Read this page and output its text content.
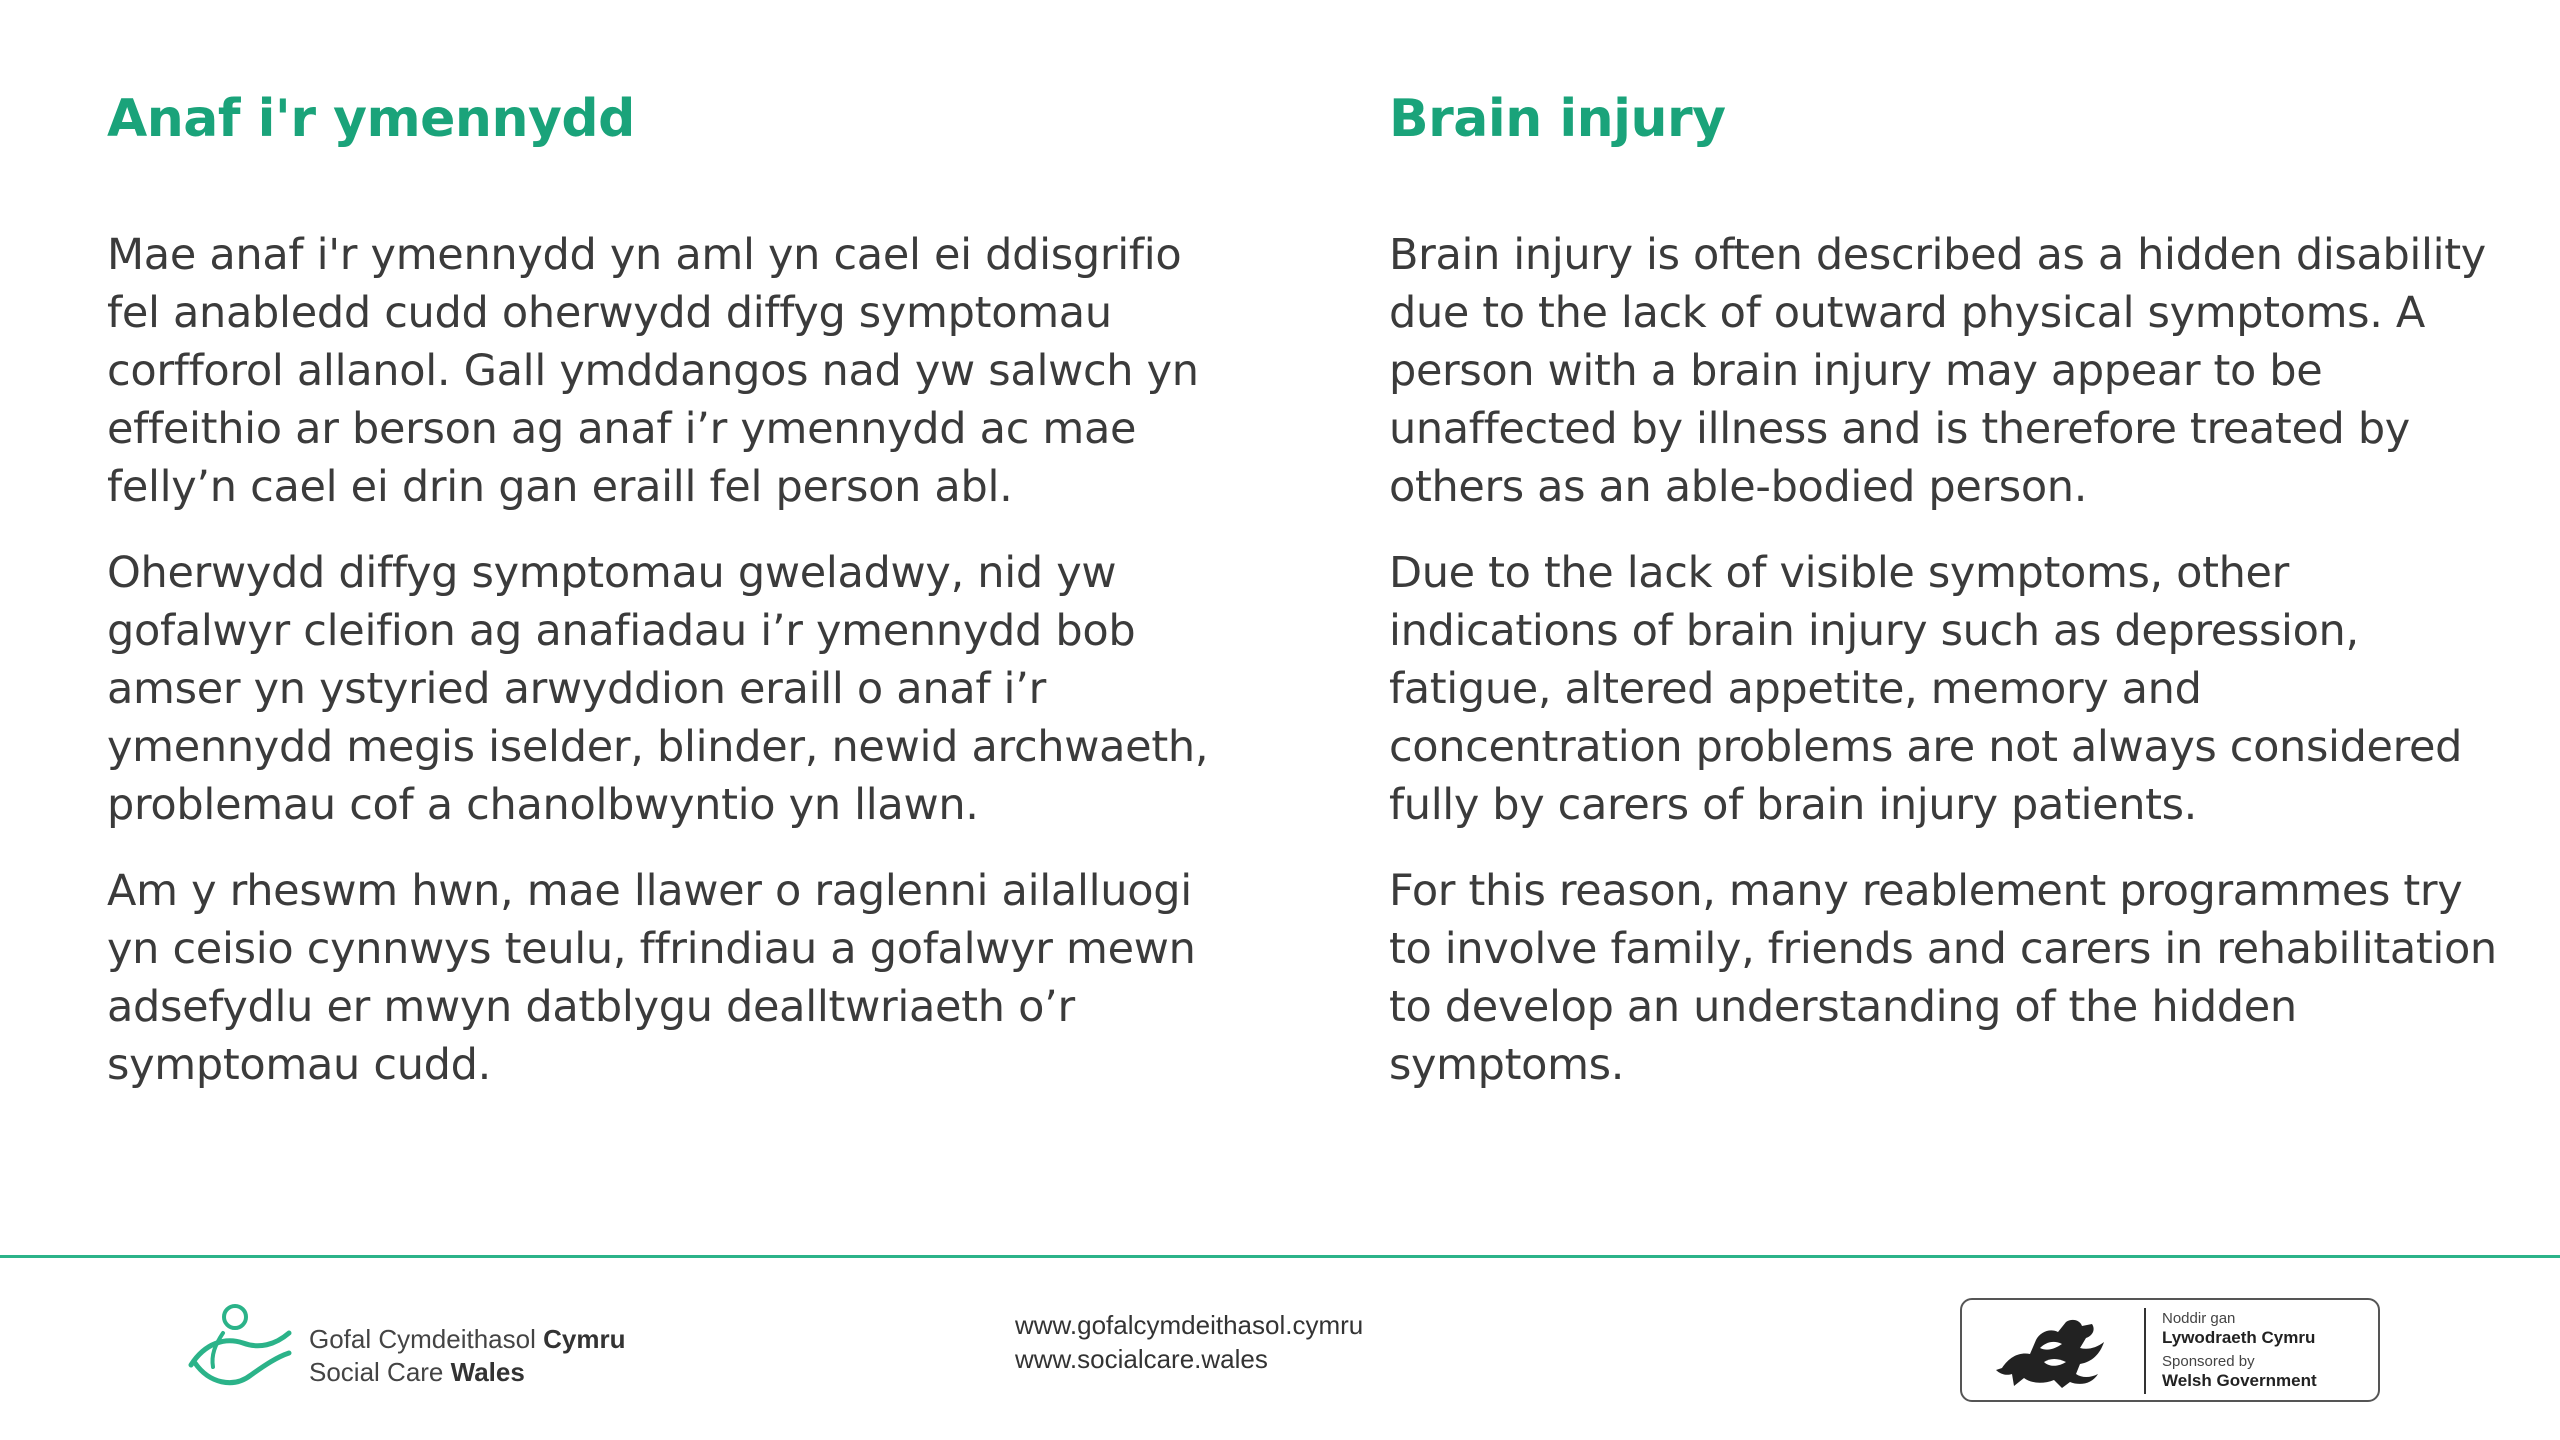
Anaf i'r ymennydd

Mae anaf i'r ymennydd yn aml yn cael ei ddisgrifio fel anabledd cudd oherwydd diffyg symptomau corfforol allanol. Gall ymddangos nad yw salwch yn effeithio ar berson ag anaf i’r ymennydd ac mae felly’n cael ei drin gan eraill fel person abl.

Oherwydd diffyg symptomau gweladwy, nid yw gofalwyr cleifion ag anafiadau i’r ymennydd bob amser yn ystyried arwyddion eraill o anaf i’r ymennydd megis iselder, blinder, newid archwaeth, problemau cof a chanolbwyntio yn llawn.

Am y rheswm hwn, mae llawer o raglenni ailalluogi yn ceisio cynnwys teulu, ffrindiau a gofalwyr mewn adsefydlu er mwyn datblygu dealltwriaeth o’r symptomau cudd.

Brain injury

Brain injury is often described as a hidden disability due to the lack of outward physical symptoms. A person with a brain injury may appear to be unaffected by illness and is therefore treated by others as an able-bodied person.

Due to the lack of visible symptoms, other indications of brain injury such as depression, fatigue, altered appetite, memory and concentration problems are not always considered fully by carers of brain injury patients.

For this reason, many reablement programmes try to involve family, friends and carers in rehabilitation to develop an understanding of the hidden symptoms.

Gofal Cymdeithasol Cymru
Social Care Wales
www.gofalcymdeithasol.cymru
www.socialcare.wales
Noddir gan
Lywodraeth Cymru
Sponsored by
Welsh Government
